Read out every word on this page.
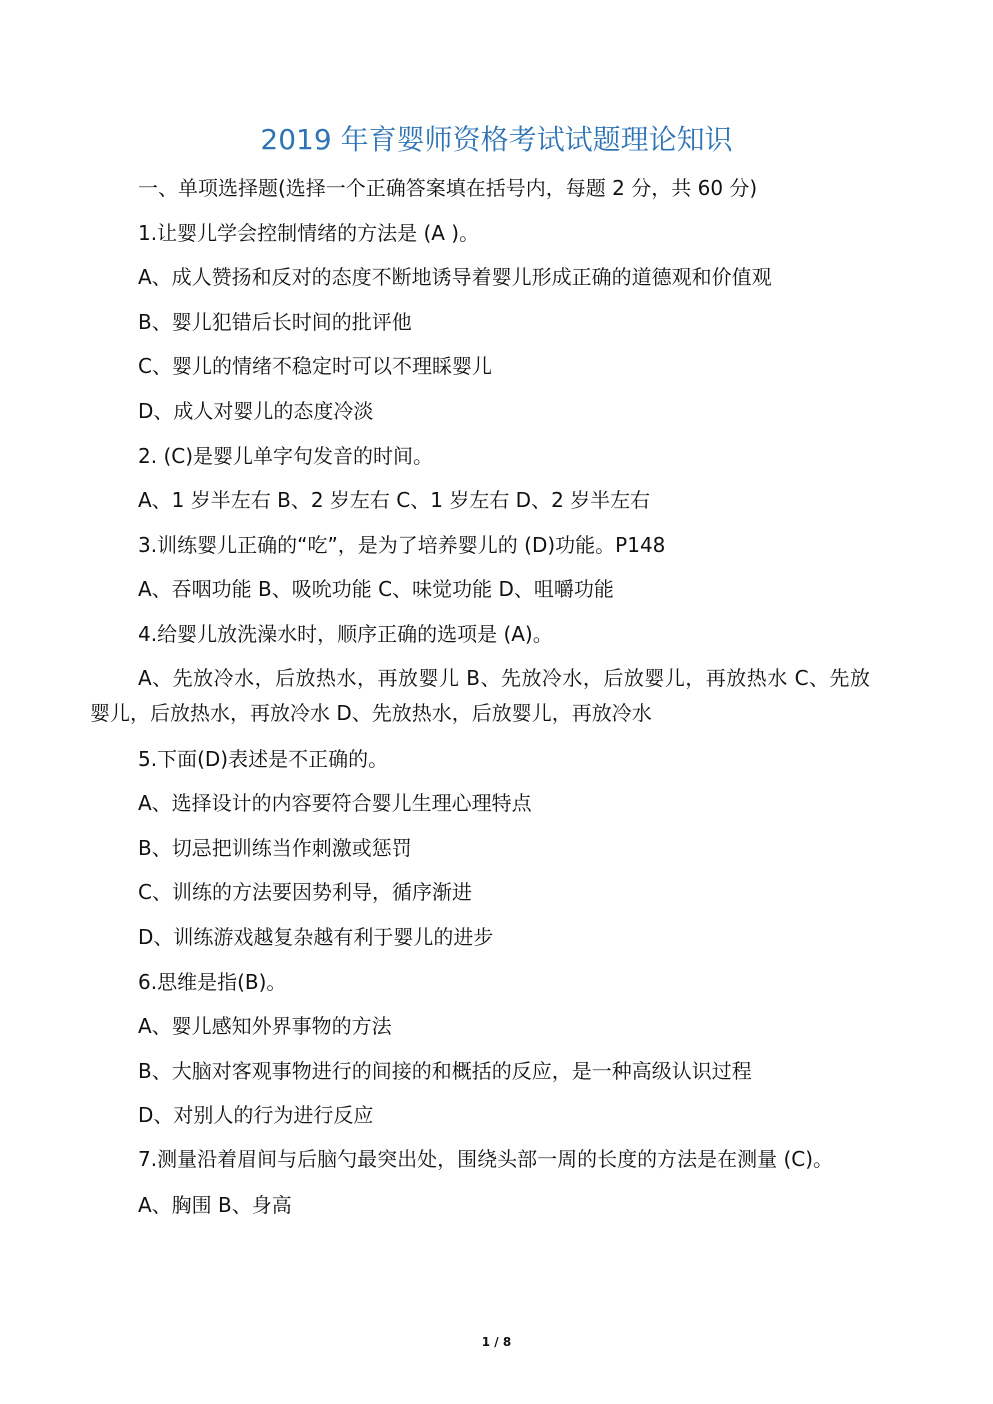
2019 年育婴师资格考试试题理论知识

一、单项选择题(选择一个正确答案填在括号内，每题 2 分，共 60 分)

1.让婴儿学会控制情绪的方法是 (A )。

A、成人赞扬和反对的态度不断地诱导着婴儿形成正确的道德观和价值观

B、婴儿犯错后长时间的批评他

C、婴儿的情绪不稳定时可以不理睬婴儿

D、成人对婴儿的态度冷淡

2. (C)是婴儿单字句发音的时间。

A、1 岁半左右 B、2 岁左右 C、1 岁左右 D、2 岁半左右

3.训练婴儿正确的“吃”，是为了培养婴儿的 (D)功能。P148

A、吞咽功能 B、吸吮功能 C、味觉功能 D、咀嚼功能

4.给婴儿放洗澡水时，顺序正确的选项是 (A)。

A、先放冷水，后放热水，再放婴儿 B、先放冷水，后放婴儿，再放热水 C、先放婴儿，后放热水，再放冷水 D、先放热水，后放婴儿，再放冷水

5.下面(D)表述是不正确的。

A、选择设计的内容要符合婴儿生理心理特点

B、切忌把训练当作刺激或惩罚

C、训练的方法要因势利导，循序渐进

D、训练游戏越复杂越有利于婴儿的进步

6.思维是指(B)。

A、婴儿感知外界事物的方法

B、大脑对客观事物进行的间接的和概括的反应，是一种高级认识过程

D、对别人的行为进行反应

7.测量沿着眉间与后脑勺最突出处，围绕头部一周的长度的方法是在测量 (C)。

A、胸围 B、身高

1 / 8
